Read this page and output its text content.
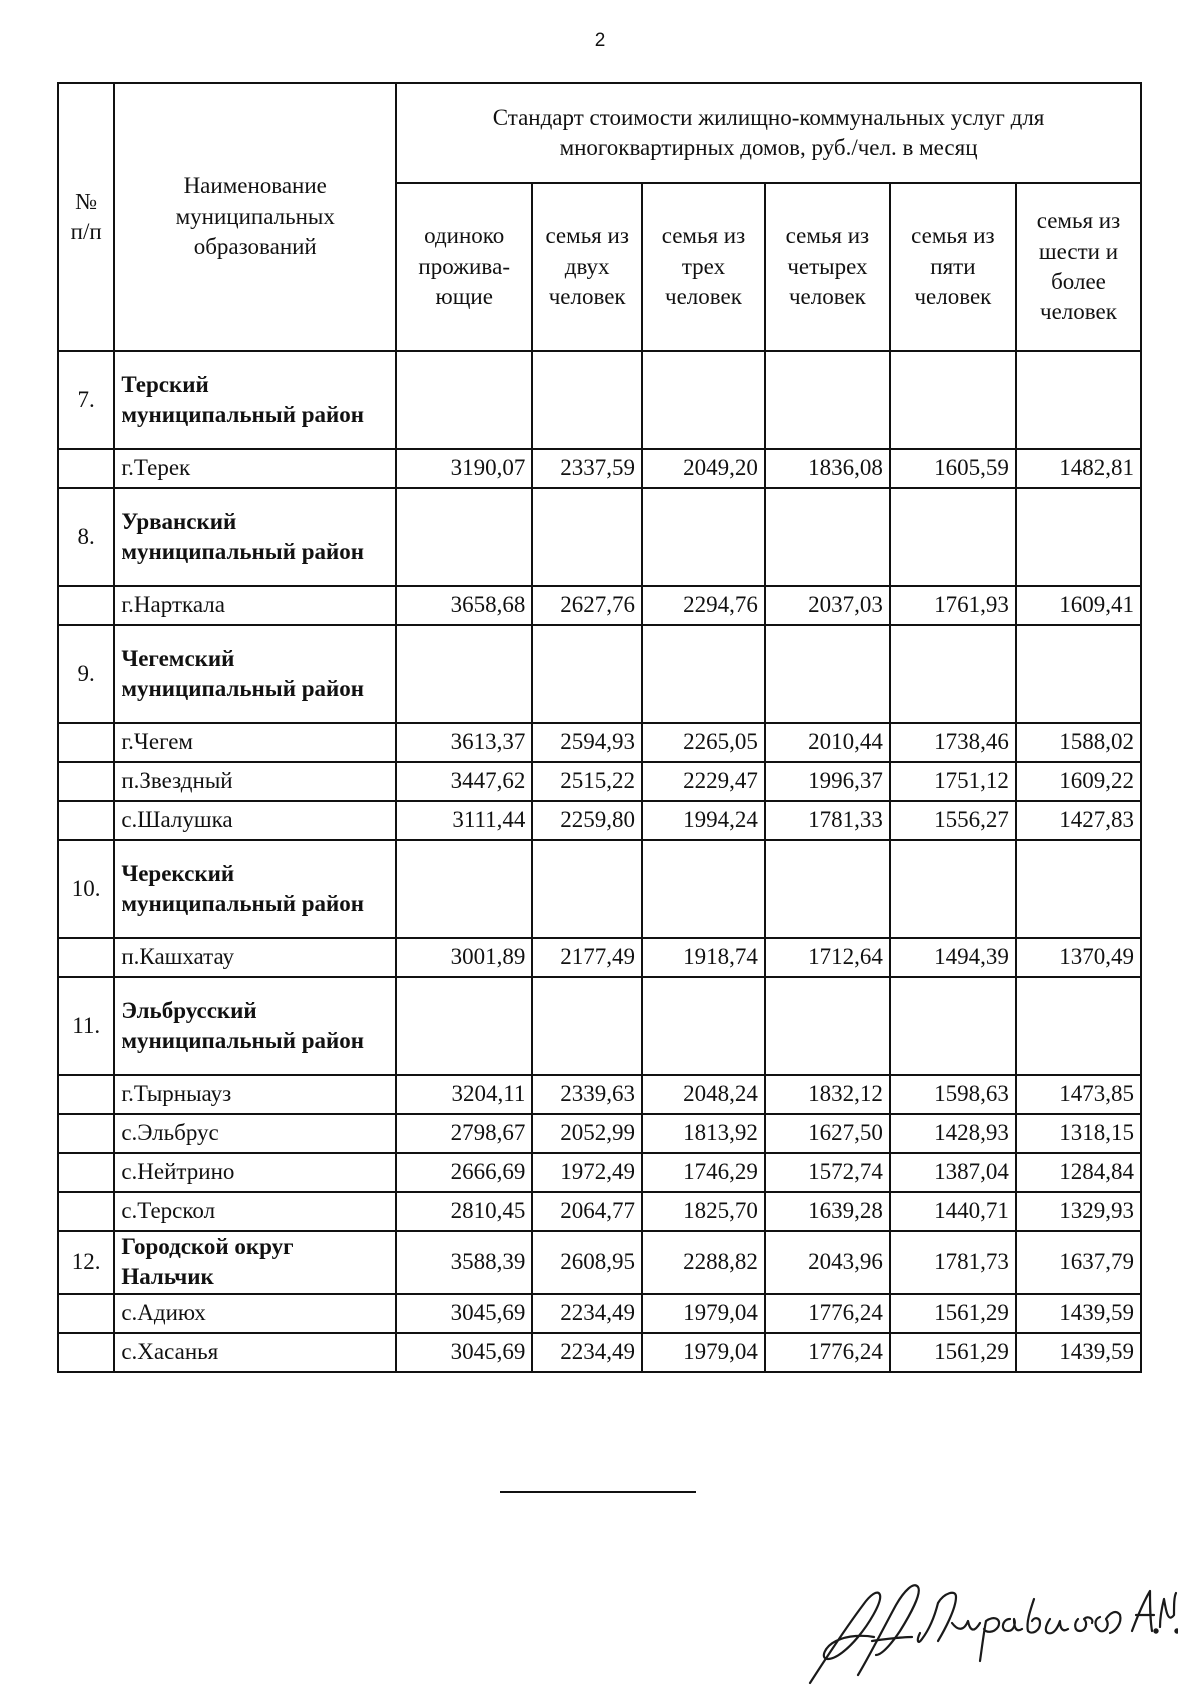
2
№ п/п	Наименование муниципальных образований	Стандарт стоимости жилищно-коммунальных услуг для многоквартирных домов, руб./чел. в месяц					
		одиноко проживa-ющие	семья из двух человек	семья из трех человек	семья из четырех человек	семья из пяти человек	семья из шести и более человек
7.	Терский муниципальный район						
	г.Терек	3190,07	2337,59	2049,20	1836,08	1605,59	1482,81
8.	Урванский муниципальный район						
	г.Нарткала	3658,68	2627,76	2294,76	2037,03	1761,93	1609,41
9.	Чегемский муниципальный район						
	г.Чегем	3613,37	2594,93	2265,05	2010,44	1738,46	1588,02
	п.Звездный	3447,62	2515,22	2229,47	1996,37	1751,12	1609,22
	с.Шалушка	3111,44	2259,80	1994,24	1781,33	1556,27	1427,83
10.	Черекский муниципальный район						
	п.Кашхатау	3001,89	2177,49	1918,74	1712,64	1494,39	1370,49
11.	Эльбрусский муниципальный район						
	г.Тырныауз	3204,11	2339,63	2048,24	1832,12	1598,63	1473,85
	с.Эльбрус	2798,67	2052,99	1813,92	1627,50	1428,93	1318,15
	с.Нейтрино	2666,69	1972,49	1746,29	1572,74	1387,04	1284,84
	с.Терскол	2810,45	2064,77	1825,70	1639,28	1440,71	1329,93
12.	Городской округ Нальчик	3588,39	2608,95	2288,82	2043,96	1781,73	1637,79
	с.Адиюх	3045,69	2234,49	1979,04	1776,24	1561,29	1439,59
	с.Хасанья	3045,69	2234,49	1979,04	1776,24	1561,29	1439,59
